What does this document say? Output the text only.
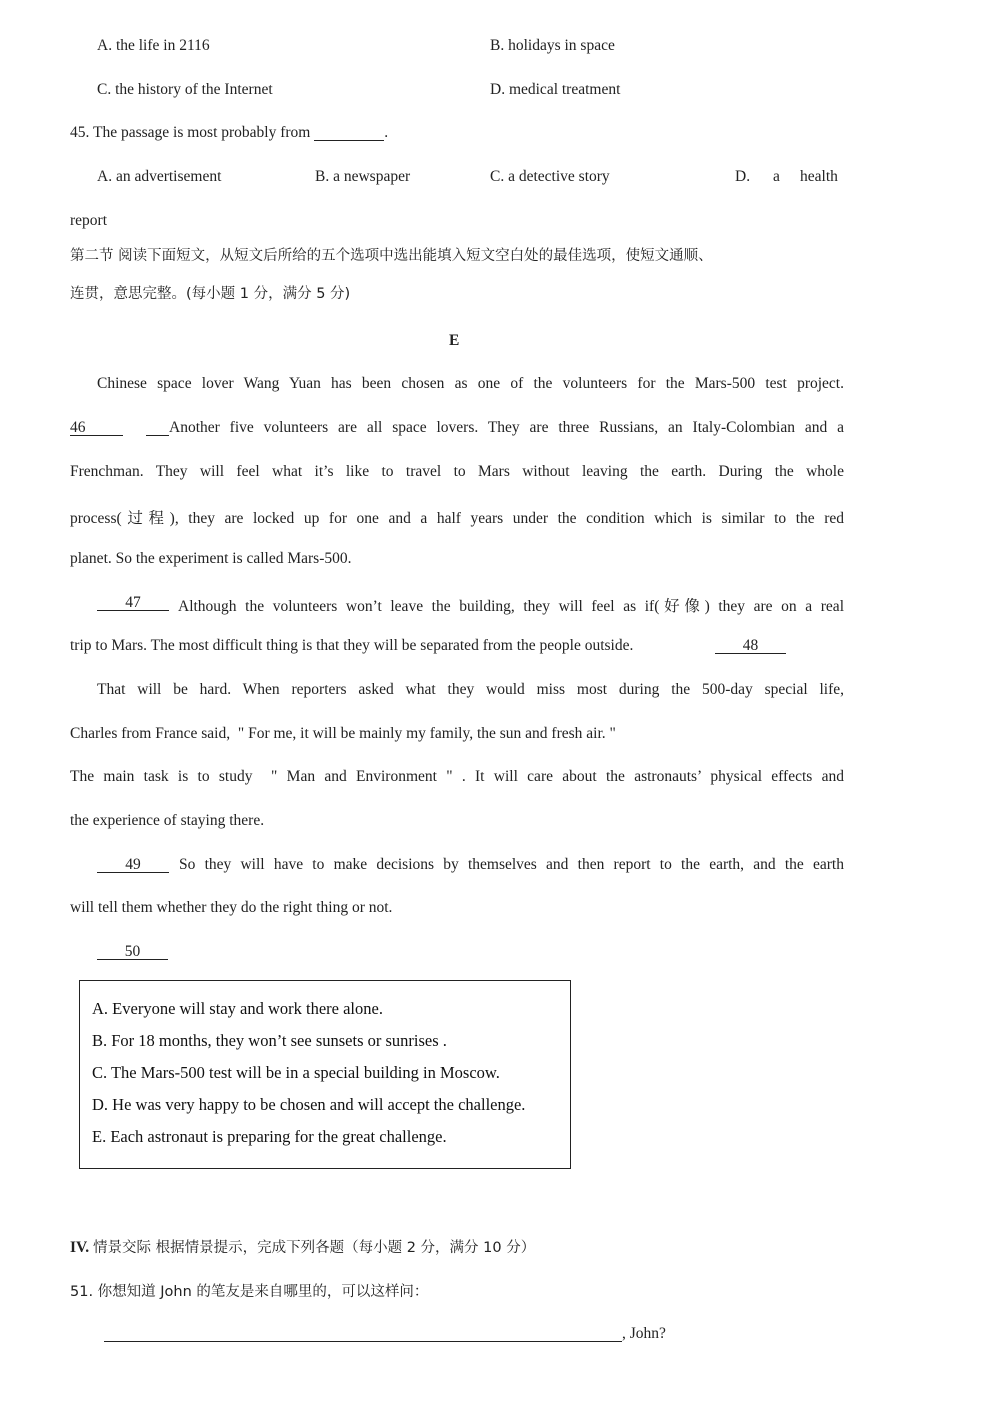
A. the life in 2116	B. holidays in space
C. the history of the Internet	D. medical treatment
45. The passage is most probably from	.
A. an advertisement	B. a newspaper	C. a detective story	D. a health
report
第二节 阅读下面短文，从短文后所给的五个选项中选出能填入短文空白处的最佳选项，使短文通顺、
连贯，意思完整。(每小题 1 分，满分 5 分)
E
Chinese space lover Wang Yuan has been chosen as one of the volunteers for the Mars-500 test project.
46
	Another five volunteers are all space lovers. They are three Russians, an Italy-Colombian and a
Frenchman. They will feel what it’s like to travel to Mars without leaving the earth. During the whole
process(过程), they are locked up for one and a half years under the condition which is similar to the red
planet. So the experiment is called Mars-500.
47	Although the volunteers won’t leave the building, they will feel as if(好像) they are on a real
trip to Mars. The most difficult thing is that they will be separated from the people outside.	48
That will be hard. When reporters asked what they would miss most during the 500-day special life,
Charles from France said,  " For me, it will be mainly my family, the sun and fresh air. "
The main task is to study  " Man and Environment " . It will care about the astronauts’ physical effects and
the experience of staying there.
49	So they will have to make decisions by themselves and then report to the earth, and the earth
will tell them whether they do the right thing or not.
50
A. Everyone will stay and work there alone.
B. For 18 months, they won’t see sunsets or sunrises .
C. The Mars-500 test will be in a special building in Moscow.
D. He was very happy to be chosen and will accept the challenge.
E. Each astronaut is preparing for the great challenge.
IV. 情景交际 根据情景提示，完成下列各题（每小题 2 分，满分 10 分）
51. 你想知道 John 的笔友是来自哪里的，可以这样问：
, John?
